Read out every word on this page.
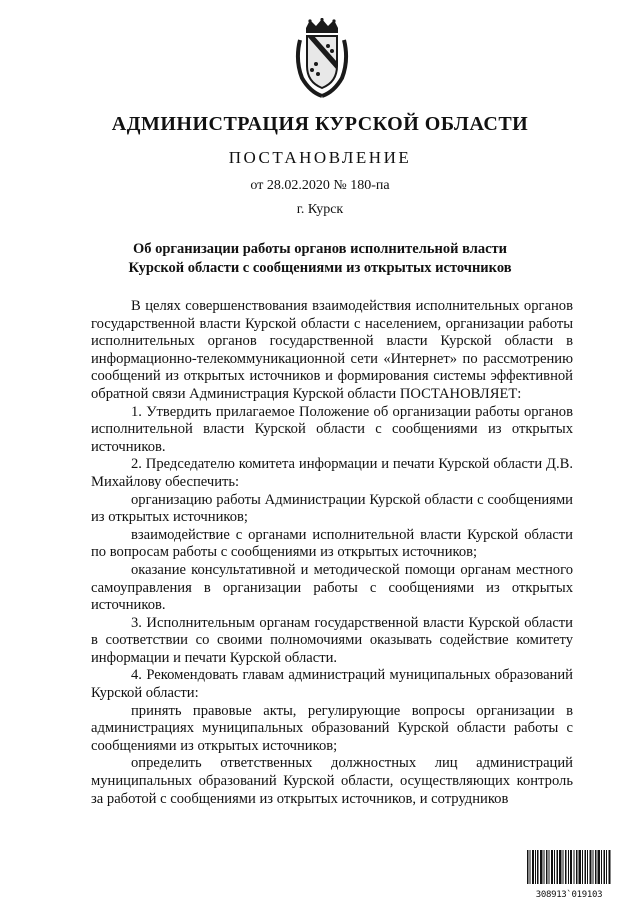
АДМИНИСТРАЦИЯ КУРСКОЙ ОБЛАСТИ
ПОСТАНОВЛЕНИЕ
от 28.02.2020 № 180-па
г. Курск
Об организации работы органов исполнительной власти
Курской области с сообщениями из открытых источников

В целях совершенствования взаимодействия исполнительных органов государственной власти Курской области с населением, организации работы исполнительных органов государственной власти Курской области в информационно-телекоммуникационной сети «Интернет» по рассмотрению сообщений из открытых источников и формирования системы эффективной обратной связи Администрация Курской области ПОСТАНОВЛЯЕТ:

1. Утвердить прилагаемое Положение об организации работы органов исполнительной власти Курской области с сообщениями из открытых источников.

2. Председателю комитета информации и печати Курской области Д.В. Михайлову обеспечить:

организацию работы Администрации Курской области с сообщениями из открытых источников;

взаимодействие с органами исполнительной власти Курской области по вопросам работы с сообщениями из открытых источников;

оказание консультативной и методической помощи органам местного самоуправления в организации работы с сообщениями из открытых источников.

3. Исполнительным органам государственной власти Курской области в соответствии со своими полномочиями оказывать содействие комитету информации и печати Курской области.

4. Рекомендовать главам администраций муниципальных образований Курской области:

принять правовые акты, регулирующие вопросы организации в администрациях муниципальных образований Курской области работы с сообщениями из открытых источников;

определить ответственных должностных лиц администраций муниципальных образований Курской области, осуществляющих контроль за работой с сообщениями из открытых источников, и сотрудников

308913`019103
